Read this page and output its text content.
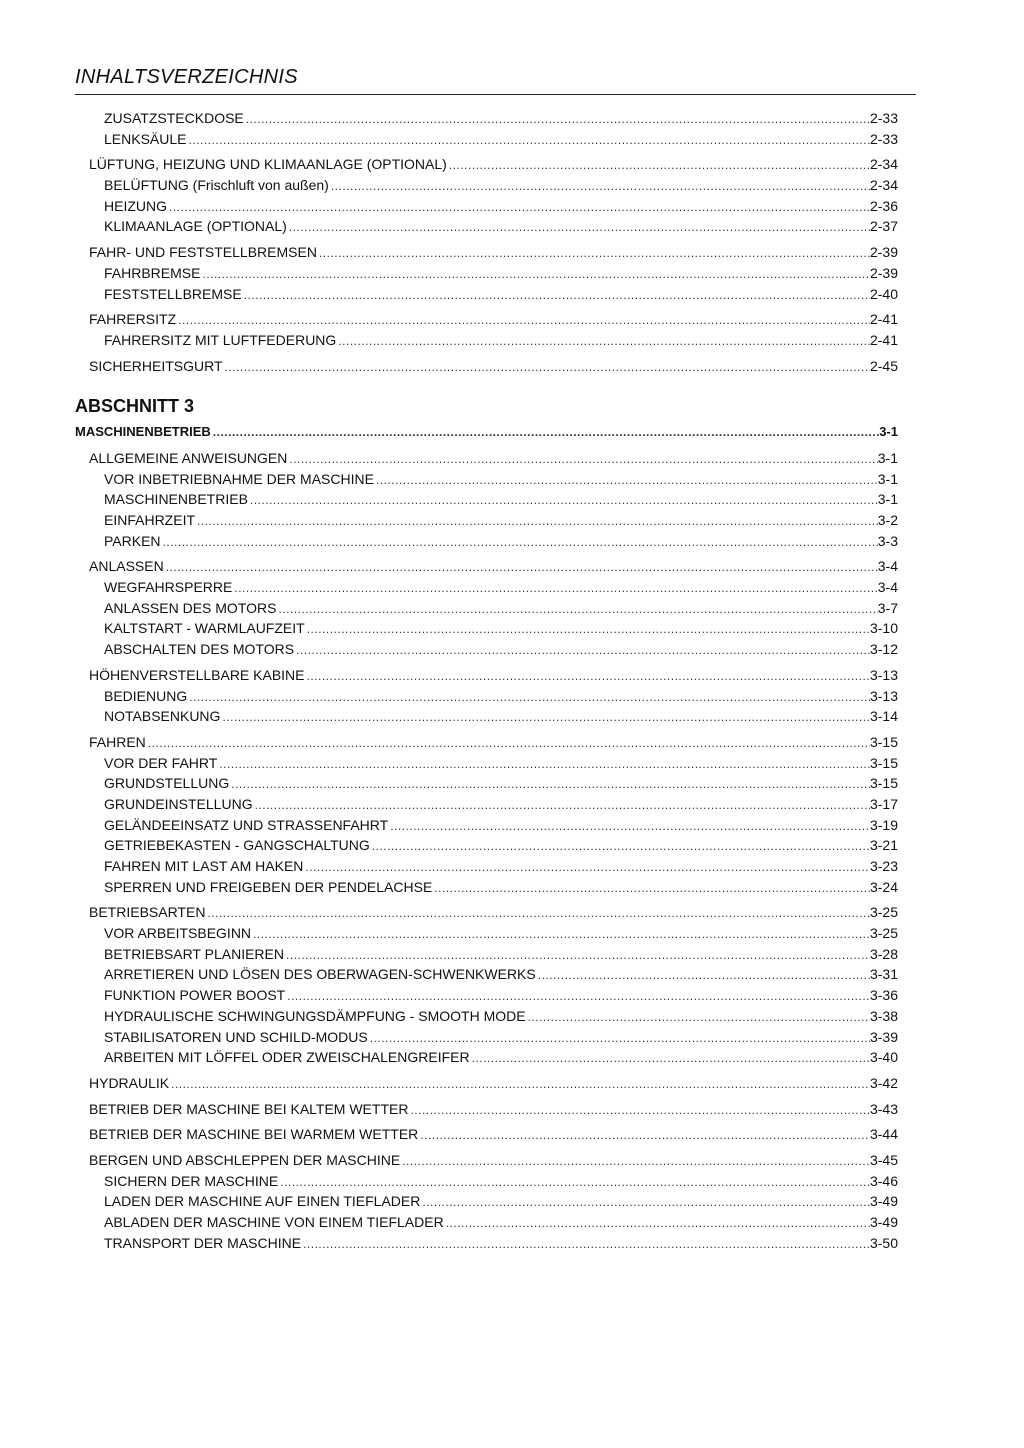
INHALTSVERZEICHNIS
ZUSATZSTECKDOSE .....	2-33
LENKSÄULE .....	2-33
LÜFTUNG, HEIZUNG UND KLIMAANLAGE (OPTIONAL) .....	2-34
BELÜFTUNG (Frischluft von außen) .....	2-34
HEIZUNG .....	2-36
KLIMAANLAGE (OPTIONAL) .....	2-37
FAHR- UND FESTSTELLBREMSEN .....	2-39
FAHRBREMSE .....	2-39
FESTSTELLBREMSE .....	2-40
FAHRERSITZ .....	2-41
FAHRERSITZ MIT LUFTFEDERUNG .....	2-41
SICHERHEITSGURT .....	2-45
ABSCHNITT 3
MASCHINENBETRIEB .....	3-1
ALLGEMEINE ANWEISUNGEN .....	3-1
VOR INBETRIEBNAHME DER MASCHINE .....	3-1
MASCHINENBETRIEB .....	3-1
EINFAHRZEIT .....	3-2
PARKEN .....	3-3
ANLASSEN .....	3-4
WEGFAHRSPERRE .....	3-4
ANLASSEN DES MOTORS .....	3-7
KALTSTART - WARMLAUFZEIT .....	3-10
ABSCHALTEN DES MOTORS .....	3-12
HÖHENVERSTELLBARE KABINE .....	3-13
BEDIENUNG .....	3-13
NOTABSENKUNG .....	3-14
FAHREN .....	3-15
VOR DER FAHRT .....	3-15
GRUNDSTELLUNG .....	3-15
GRUNDEINSTELLUNG .....	3-17
GELÄNDEEINSATZ UND STRASSENFAHRT .....	3-19
GETRIEBEKASTEN - GANGSCHALTUNG .....	3-21
FAHREN MIT LAST AM HAKEN .....	3-23
SPERREN UND FREIGEBEN DER PENDELACHSE .....	3-24
BETRIEBSARTEN .....	3-25
VOR ARBEITSBEGINN .....	3-25
BETRIEBSART PLANIEREN .....	3-28
ARRETIEREN UND LÖSEN DES OBERWAGEN-SCHWENKWERKS .....	3-31
FUNKTION POWER BOOST .....	3-36
HYDRAULISCHE SCHWINGUNGSDÄMPFUNG - SMOOTH MODE .....	3-38
STABILISATOREN UND SCHILD-MODUS .....	3-39
ARBEITEN MIT LÖFFEL ODER ZWEISCHALENGREIFER .....	3-40
HYDRAULIK .....	3-42
BETRIEB DER MASCHINE BEI KALTEM WETTER .....	3-43
BETRIEB DER MASCHINE BEI WARMEM WETTER .....	3-44
BERGEN UND ABSCHLEPPEN DER MASCHINE .....	3-45
SICHERN DER MASCHINE .....	3-46
LADEN DER MASCHINE AUF EINEN TIEFLADER .....	3-49
ABLADEN DER MASCHINE VON EINEM TIEFLADER .....	3-49
TRANSPORT DER MASCHINE .....	3-50
